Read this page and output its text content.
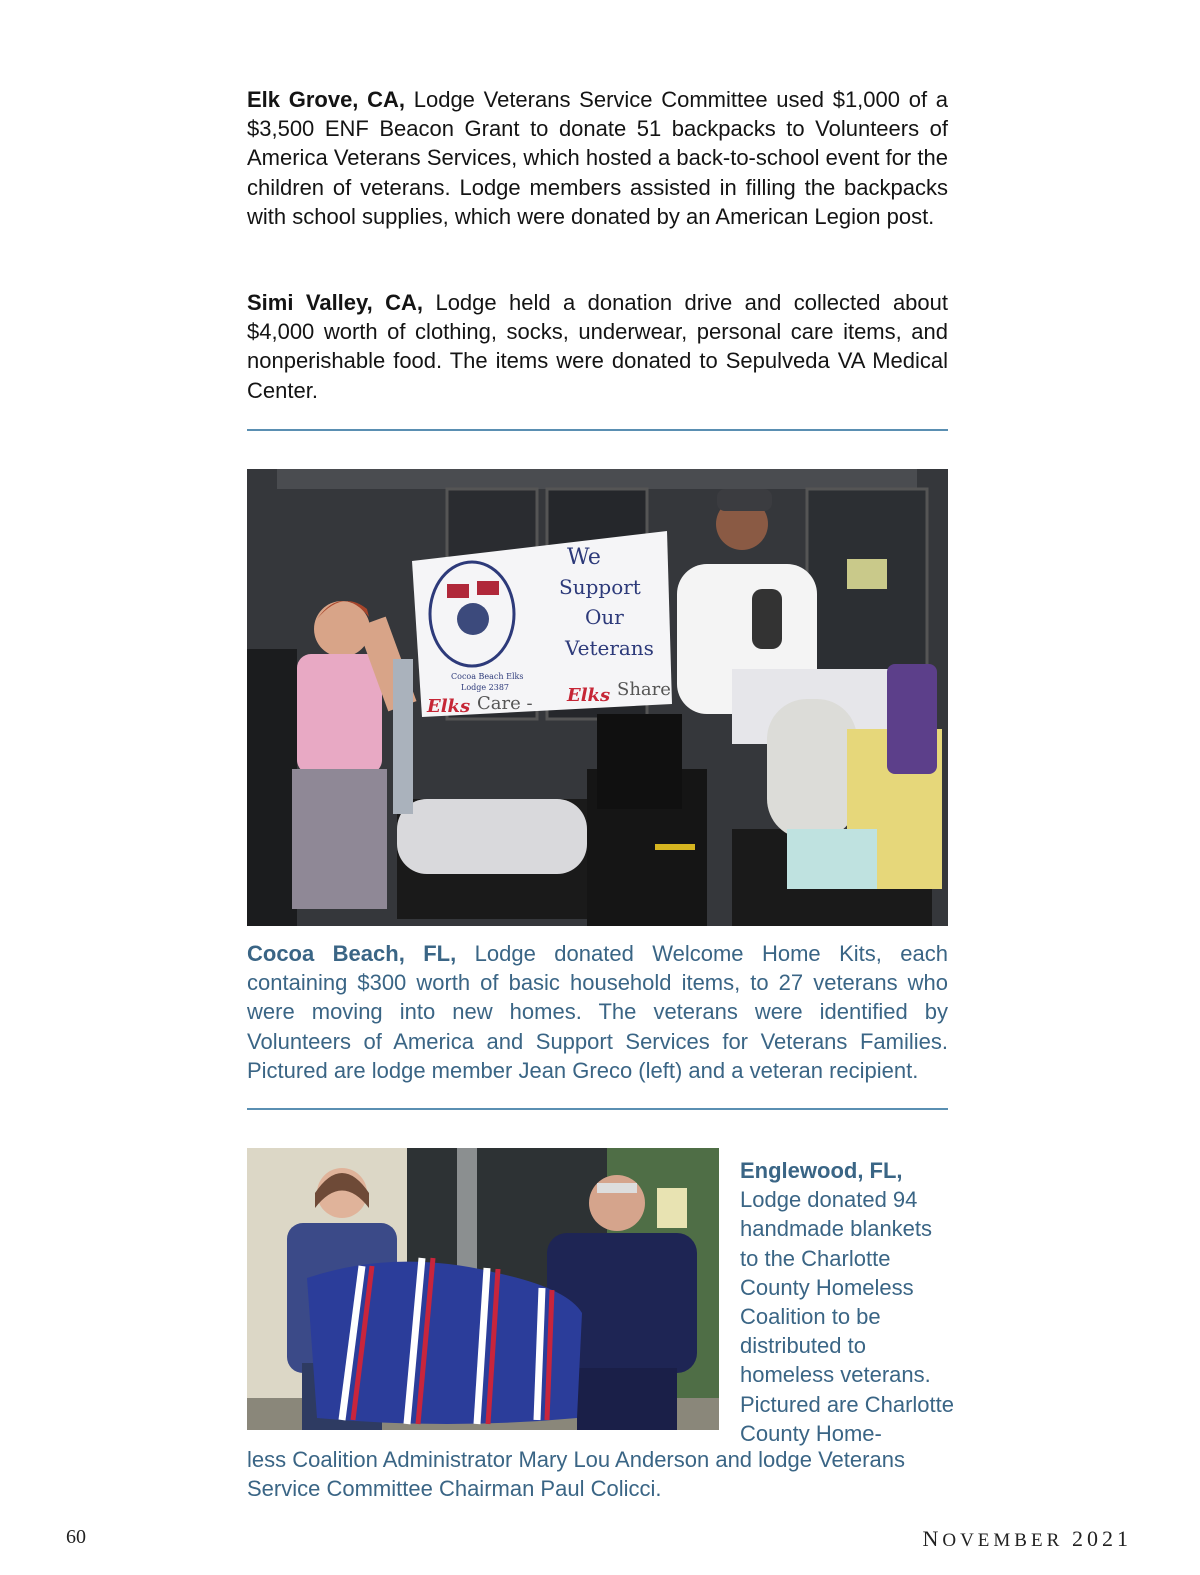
Elk Grove, CA, Lodge Veterans Service Committee used $1,000 of a $3,500 ENF Beacon Grant to donate 51 backpacks to Volunteers of America Veterans Services, which hosted a back-to-school event for the children of veterans. Lodge members assisted in filling the backpacks with school supplies, which were donated by an American Legion post.
Simi Valley, CA, Lodge held a donation drive and collected about $4,000 worth of clothing, socks, underwear, personal care items, and nonperishable food. The items were donated to Sepulveda VA Medical Center.
We
Support
Our
Veterans
Cocoa Beach Elks
Lodge 2387
Elks Care - Elks Share
Cocoa Beach, FL, Lodge donated Welcome Home Kits, each containing $300 worth of basic household items, to 27 veterans who were moving into new homes. The veterans were identified by Volunteers of America and Support Services for Veterans Families. Pictured are lodge member Jean Greco (left) and a veteran recipient.
Englewood, FL,
Lodge donated 94 handmade blankets to the Charlotte County Homeless Coalition to be distributed to homeless veterans. Pictured are Charlotte County Home-
less Coalition Administrator Mary Lou Anderson and lodge Veterans Service Committee Chairman Paul Colicci.
60	NOVEMBER 2021
